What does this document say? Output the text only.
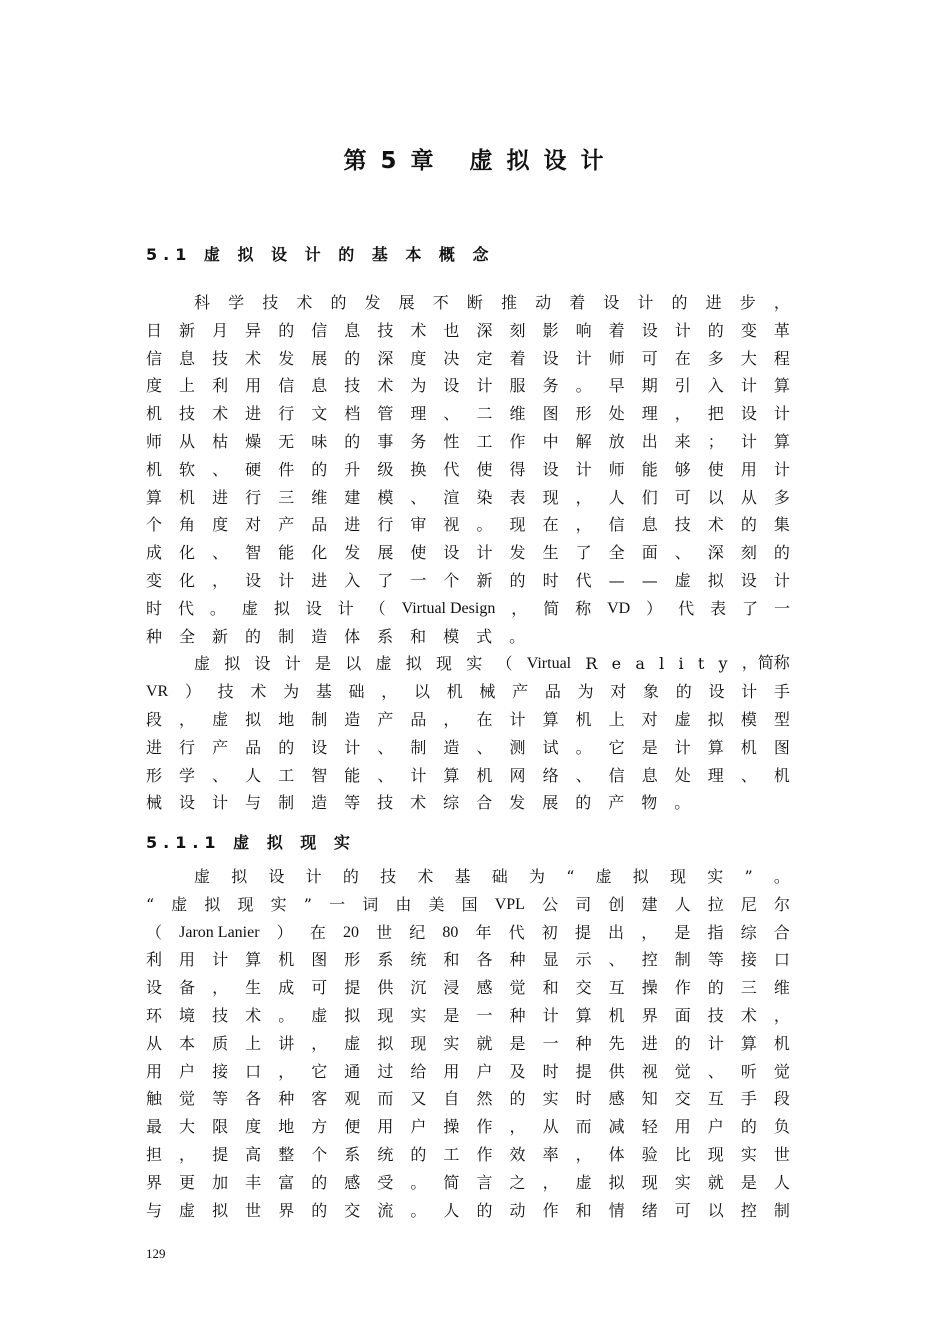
第 5 章   虚 拟 设 计
5.1 虚 拟 设 计 的 基 本 概 念
科 学 技 术 的 发 展 不 断 推 动 着 设 计 的 进 步 ，
日 新 月 异 的 信 息 技 术 也 深 刻 影 响 着 设 计 的 变 革
信 息 技 术 发 展 的 深 度 决 定 着 设 计 师 可 在 多 大 程
度 上 利 用 信 息 技 术 为 设 计 服 务 。 早 期 引 入 计 算
机 技 术 进 行 文 档 管 理 、 二 维 图 形 处 理 ， 把 设 计
师 从 枯 燥 无 味 的 事 务 性 工 作 中 解 放 出 来 ； 计 算
机 软 、 硬 件 的 升 级 换 代 使 得 设 计 师 能 够 使 用 计
算 机 进 行 三 维 建 模 、 渲 染 表 现 ， 人 们 可 以 从 多
个 角 度 对 产 品 进 行 审 视 。 现 在 ， 信 息 技 术 的 集
成 化 、 智 能 化 发 展 使 设 计 发 生 了 全 面 、 深 刻 的
变 化 ， 设 计 进 入 了 一 个 新 的 时 代 — — 虚 拟 设 计
时 代 。 虚 拟 设 计 （ Virtual Design ， 简 称 VD ） 代 表 了 一
种 全 新 的 制 造 体 系 和 模 式 。
虚 拟 设 计 是 以 虚 拟 现 实 （ Virtual R e a l i t y ，简称
VR ） 技 术 为 基 础 ， 以 机 械 产 品 为 对 象 的 设 计 手
段 ， 虚 拟 地 制 造 产 品 ， 在 计 算 机 上 对 虚 拟 模 型
进 行 产 品 的 设 计 、 制 造 、 测 试 。 它 是 计 算 机 图
形 学 、 人 工 智 能 、 计 算 机 网 络 、 信 息 处 理 、 机
械 设 计 与 制 造 等 技 术 综 合 发 展 的 产 物 。
5.1.1 虚 拟 现 实
虚 拟 设 计 的 技 术 基 础 为 “ 虚 拟 现 实 ” 。
“ 虚 拟 现 实 ” 一 词 由 美 国 VPL 公 司 创 建 人 拉 尼 尔
（ Jaron Lanier ） 在 20 世 纪 80 年 代 初 提 出 ， 是 指 综 合
利 用 计 算 机 图 形 系 统 和 各 种 显 示 、 控 制 等 接 口
设 备 ， 生 成 可 提 供 沉 浸 感 觉 和 交 互 操 作 的 三 维
环 境 技 术 。 虚 拟 现 实 是 一 种 计 算 机 界 面 技 术 ，
从 本 质 上 讲 ， 虚 拟 现 实 就 是 一 种 先 进 的 计 算 机
用 户 接 口 ， 它 通 过 给 用 户 及 时 提 供 视 觉 、 听 觉
触 觉 等 各 种 客 观 而 又 自 然 的 实 时 感 知 交 互 手 段
最 大 限 度 地 方 便 用 户 操 作 ， 从 而 减 轻 用 户 的 负
担 ， 提 高 整 个 系 统 的 工 作 效 率 ， 体 验 比 现 实 世
界 更 加 丰 富 的 感 受 。 简 言 之 ， 虚 拟 现 实 就 是 人
与 虚 拟 世 界 的 交 流 。 人 的 动 作 和 情 绪 可 以 控 制

129
